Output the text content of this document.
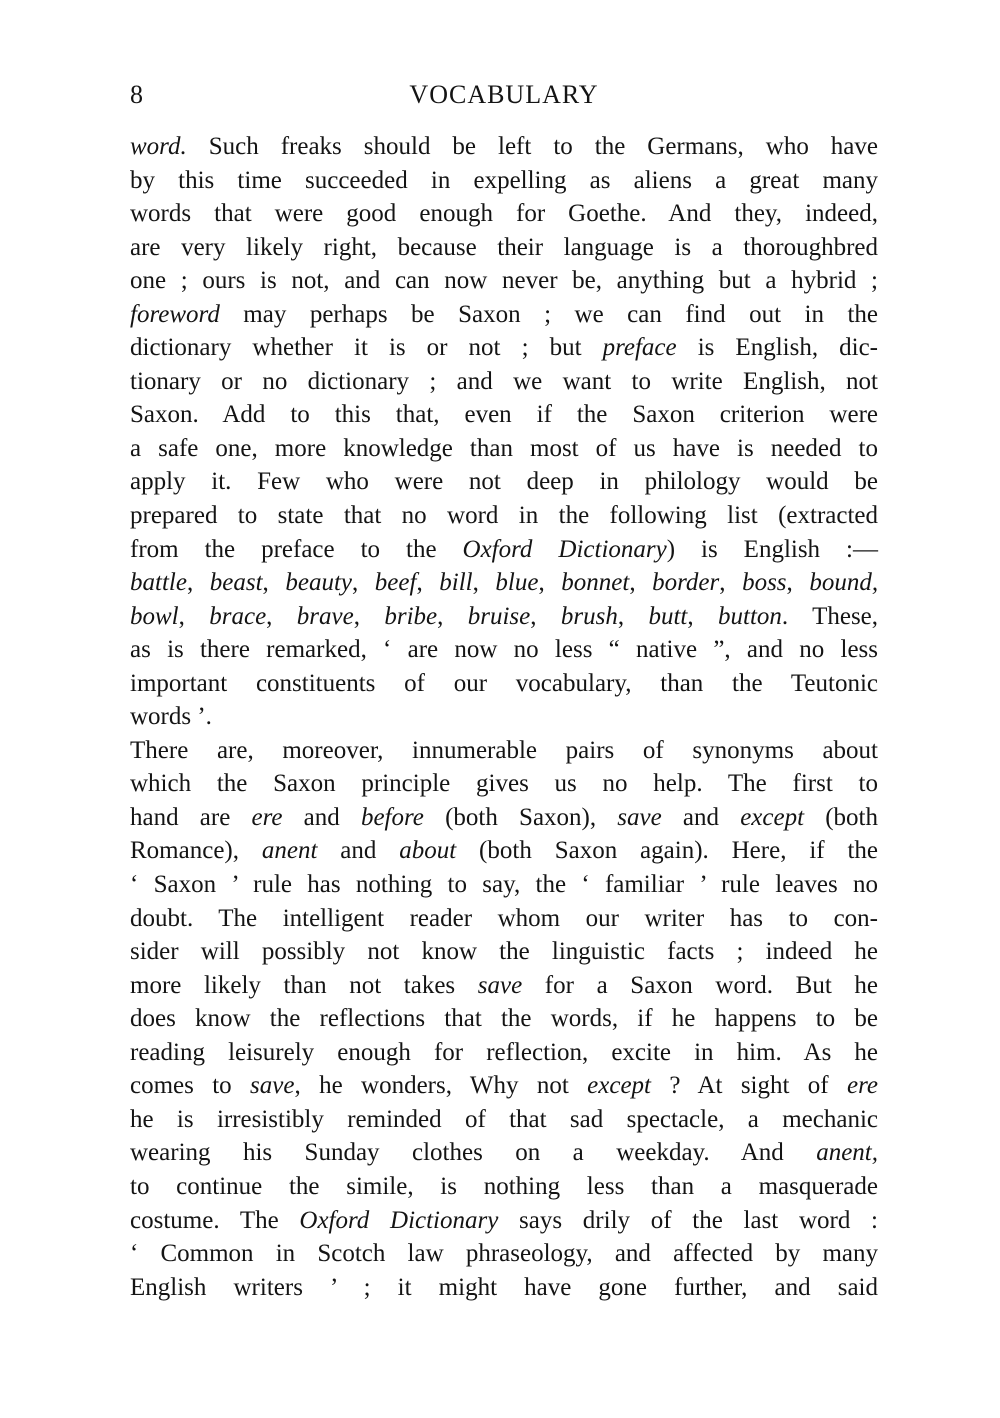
8	VOCABULARY
word. Such freaks should be left to the Germans, who have
by this time succeeded in expelling as aliens a great many
words that were good enough for Goethe. And they, indeed,
are very likely right, because their language is a thoroughbred
one ; ours is not, and can now never be, anything but a hybrid ;
foreword may perhaps be Saxon ; we can find out in the
dictionary whether it is or not ; but preface is English, dic-
tionary or no dictionary ; and we want to write English, not
Saxon. Add to this that, even if the Saxon criterion were
a safe one, more knowledge than most of us have is needed to
apply it. Few who were not deep in philology would be
prepared to state that no word in the following list (extracted
from the preface to the Oxford Dictionary) is English :—
battle, beast, beauty, beef, bill, blue, bonnet, border, boss, bound,
bowl, brace, brave, bribe, bruise, brush, butt, button. These,
as is there remarked, ‘ are now no less “ native ”, and no less
important constituents of our vocabulary, than the Teutonic
words ’.
There are, moreover, innumerable pairs of synonyms about
which the Saxon principle gives us no help. The first to
hand are ere and before (both Saxon), save and except (both
Romance), anent and about (both Saxon again). Here, if the
‘ Saxon ’ rule has nothing to say, the ‘ familiar ’ rule leaves no
doubt. The intelligent reader whom our writer has to con-
sider will possibly not know the linguistic facts ; indeed he
more likely than not takes save for a Saxon word. But he
does know the reflections that the words, if he happens to be
reading leisurely enough for reflection, excite in him. As he
comes to save, he wonders, Why not except ? At sight of ere
he is irresistibly reminded of that sad spectacle, a mechanic
wearing his Sunday clothes on a weekday. And anent,
to continue the simile, is nothing less than a masquerade
costume. The Oxford Dictionary says drily of the last word :
‘ Common in Scotch law phraseology, and affected by many
English writers ’ ; it might have gone further, and said
